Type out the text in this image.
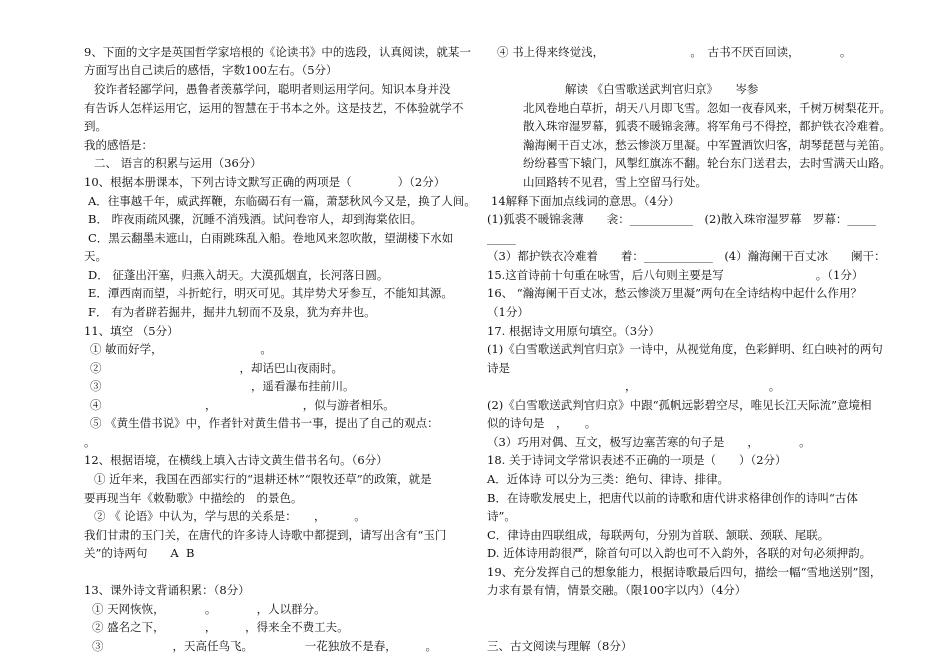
9、下面的文字是英国哲学家培根的《论读书》中的选段，认真阅读，就某一
方面写出自己读后的感悟，字数100左右。（5分）
狡诈者轻鄙学问，愚鲁者羡慕学问，聪明者则运用学问。知识本身并没
有告诉人怎样运用它，运用的智慧在于书本之外。这是技艺，不体验就学不
到。
我的感悟是：
二、 语言的积累与运用（36分）
10、根据本册课本，下列古诗文默写正确的两项是（　　　　）（2分）
A．往事越千年，威武挥鞭，东临碣石有一篇，萧瑟秋风今又是，换了人间。
B． 昨夜雨疏风骤，沉睡不消残酒。试问卷帘人，却到海棠依旧。
C．黑云翻墨未遮山，白雨跳珠乱入船。卷地风来忽吹散，望湖楼下水如
天。
D． 征蓬出汗塞，归燕入胡天。大漠孤烟直，长河落日圆。
E．潭西南而望，斗折蛇行，明灭可见。其岸势犬牙参互，不能知其源。
F． 有为者辟若掘井，掘井九轫而不及泉，犹为弃井也。
11、填空 （5分）
① 敏而好学，　　　　　　　　　。
②　　　　　　　　　　　　，却话巴山夜雨时。
③　　　　　　　　　　　　　，遥看瀑布挂前川。
④　　　　　　　　　，　　　　　　　　，似与游者相乐。
⑤ 《黄生借书说》中，作者针对黄生借书一事，提出了自己的观点：
。
12、根据语境，在横线上填入古诗文黄生借书名句。（6分）
① 近年来，我国在西部实行的“退耕还林”“限牧还草”的政策，就是
要再现当年《敕勒歌》中描绘的　的景色。
② 《 论语》中认为，学与思的关系是：　　，　　　。
我们甘肃的玉门关，在唐代的许多诗人诗歌中都提到，请写出含有“玉门
关”的诗两句　　A  B
13、课外诗文背诵积累：（8分）
① 天网恢恢，　　　　。　　　　，人以群分。
② 盛名之下，　　　　，　　　，得来全不费工夫。
③　　　　　　，天高任鸟飞。　　　　　一花独放不是春，　　　。
④ 书上得来终觉浅，　　　　　　　　。　古书不厌百回读，　　　　。
解读 《白雪歌送武判官归京》　　岑参
北风卷地白草折，胡天八月即飞雪。忽如一夜春风来，千树万树梨花开。
散入珠帘湿罗幕，狐裘不暖锦衾薄。将军角弓不得控，都护铁衣冷难着。
瀚海阑干百丈冰，愁云惨淡万里凝。中军置酒饮归客，胡琴琵琶与羌笛。
纷纷暮雪下辕门，风掣红旗冻不翻。轮台东门送君去，去时雪满天山路。
山回路转不见君，雪上空留马行处。
14解释下面加点线词的意思。（4分）
(1)狐裘不暖锦衾薄　　衾：___________　(2)散入珠帘湿罗幕　罗幕：_____
_____
（3）都护铁衣冷难着　　着：____________　(4）瀚海阑干百丈冰　　阑干：
15.这首诗前十句重在咏雪，后八句则主要是写　　　　　　　　。（1分）
16、 “瀚海阑干百丈冰，愁云惨淡万里凝”两句在全诗结构中起什么作用？
（1分）
17. 根据诗文用原句填空。（3分）
(1)《白雪歌送武判官归京》一诗中，从视觉角度，色彩鲜明、红白映衬的两句
诗是
　　　　　　　　　　　　，　　　　　　　　　　　　。
(2)《白雪歌送武判官归京》中跟“孤帆远影碧空尽，唯见长江天际流”意境相
似的诗句是　，　　。
（3）巧用对偶、互文，极写边塞苦寒的句子是　　，　　　　。
18. 关于诗词文学常识表述不正确的一项是（　　）（2分）
A．近体诗 可以分为三类：绝句、律诗、排律。
B．在诗歌发展史上，把唐代以前的诗歌和唐代讲求格律创作的诗叫“古体
诗”。
C．律诗由四联组成，每联两句，分别为首联、颔联、颈联、尾联。
D. 近体诗用韵很严，除首句可以入韵也可不入韵外，各联的对句必须押韵。
19、充分发挥自己的想象能力，根据诗歌最后四句，描绘一幅“雪地送别”图，
力求有景有情，情景交融。（限100字以内）（4分）
三、古文阅读与理解（8分）
